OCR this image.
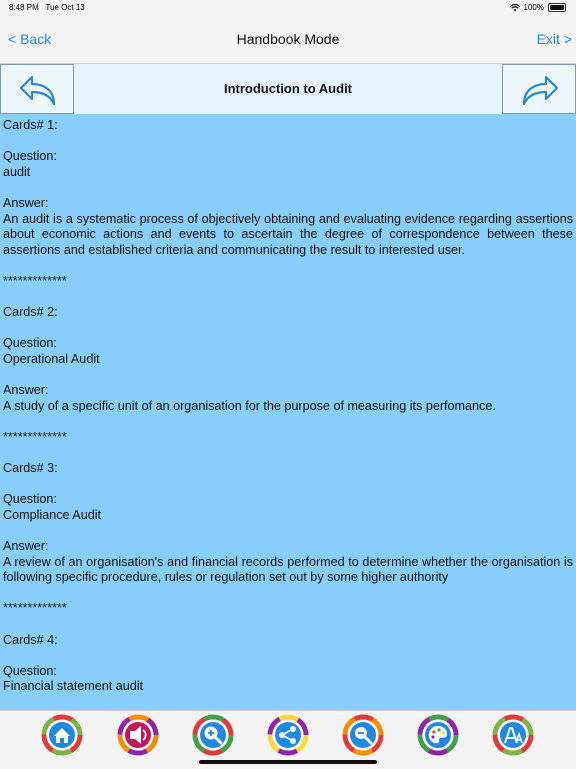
8:48 PM Tue Oct 13	100%
< Back	Handbook Mode	Exit >
Introduction to Audit
Cards# 1:
Question:
audit
Answer:
An audit is a systematic process of objectively obtaining and evaluating evidence regarding assertions about economic actions and events to ascertain the degree of correspondence between these assertions and established criteria and communicating the result to interested user.
*************
Cards# 2:
Question:
Operational Audit
Answer:
A study of a specific unit of an organisation for the purpose of measuring its perfomance.
*************
Cards# 3:
Question:
Compliance Audit
Answer:
A review of an organisation's and financial records performed to determine whether the organisation is following specific procedure, rules or regulation set out by some higher authority
*************
Cards# 4:
Question:
Financial statement audit
